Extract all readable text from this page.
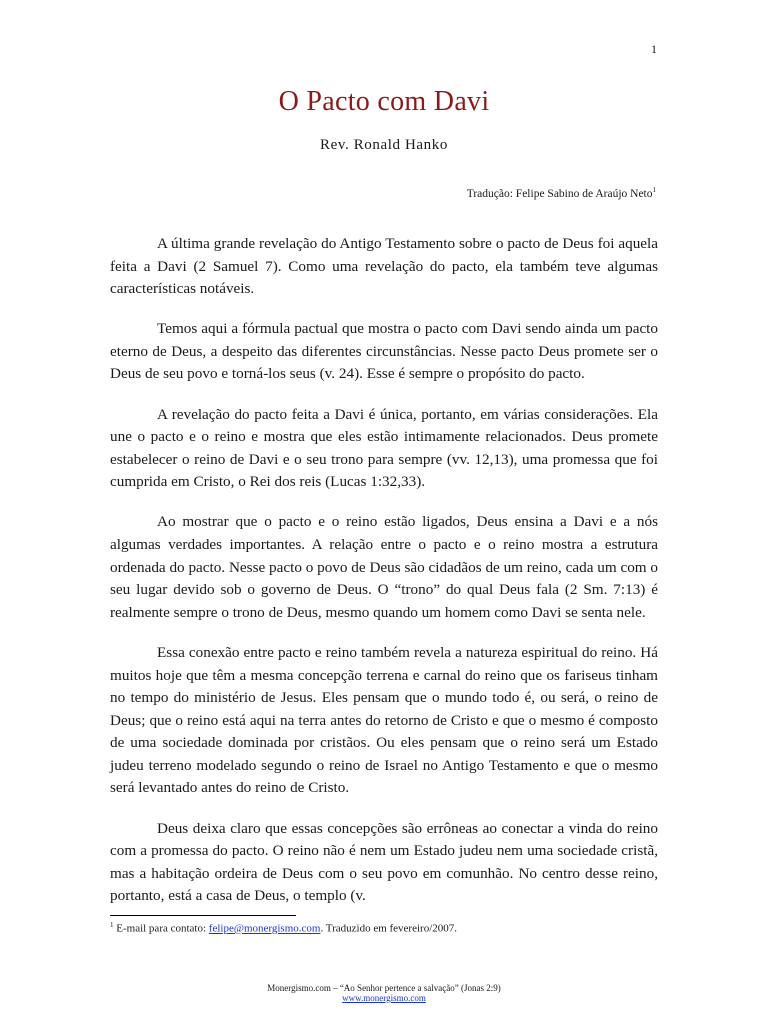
1
O Pacto com Davi
Rev. Ronald Hanko
Tradução: Felipe Sabino de Araújo Neto$^1$

A última grande revelação do Antigo Testamento sobre o pacto de Deus foi aquela feita a Davi (2 Samuel 7). Como uma revelação do pacto, ela também teve algumas características notáveis.

Temos aqui a fórmula pactual que mostra o pacto com Davi sendo ainda um pacto eterno de Deus, a despeito das diferentes circunstâncias. Nesse pacto Deus promete ser o Deus de seu povo e torná-los seus (v. 24). Esse é sempre o propósito do pacto.

A revelação do pacto feita a Davi é única, portanto, em várias considerações. Ela une o pacto e o reino e mostra que eles estão intimamente relacionados. Deus promete estabelecer o reino de Davi e o seu trono para sempre (vv. 12,13), uma promessa que foi cumprida em Cristo, o Rei dos reis (Lucas 1:32,33).

Ao mostrar que o pacto e o reino estão ligados, Deus ensina a Davi e a nós algumas verdades importantes. A relação entre o pacto e o reino mostra a estrutura ordenada do pacto. Nesse pacto o povo de Deus são cidadãos de um reino, cada um com o seu lugar devido sob o governo de Deus. O “trono” do qual Deus fala (2 Sm. 7:13) é realmente sempre o trono de Deus, mesmo quando um homem como Davi se senta nele.

Essa conexão entre pacto e reino também revela a natureza espiritual do reino. Há muitos hoje que têm a mesma concepção terrena e carnal do reino que os fariseus tinham no tempo do ministério de Jesus. Eles pensam que o mundo todo é, ou será, o reino de Deus; que o reino está aqui na terra antes do retorno de Cristo e que o mesmo é composto de uma sociedade dominada por cristãos. Ou eles pensam que o reino será um Estado judeu terreno modelado segundo o reino de Israel no Antigo Testamento e que o mesmo será levantado antes do reino de Cristo.

Deus deixa claro que essas concepções são errôneas ao conectar a vinda do reino com a promessa do pacto. O reino não é nem um Estado judeu nem uma sociedade cristã, mas a habitação ordeira de Deus com o seu povo em comunhão. No centro desse reino, portanto, está a casa de Deus, o templo (v.

$^1$ E-mail para contato: felipe@monergismo.com. Traduzido em fevereiro/2007.
Monergismo.com – “Ao Senhor pertence a salvação” (Jonas 2:9)
www.monergismo.com
